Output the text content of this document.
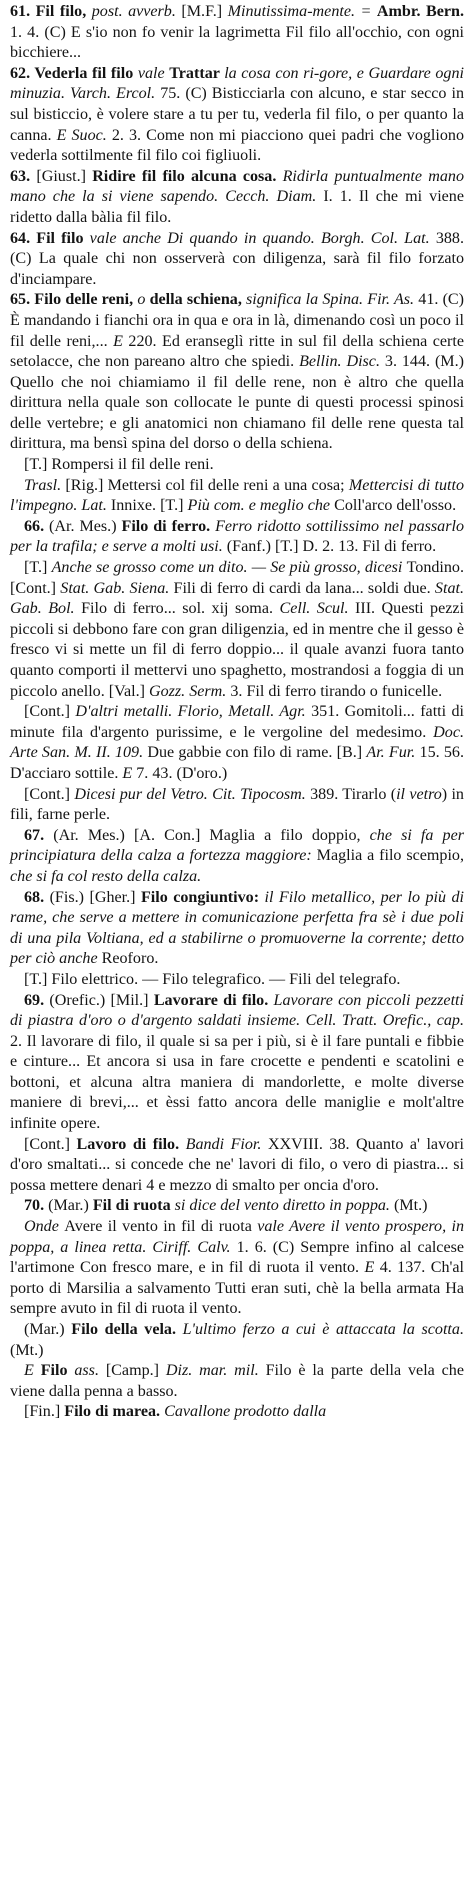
61. Fil filo, post. avverb. [M.F.] Minutissima-mente. = Ambr. Bern. 1. 4. (C) E s'io non fo venir la lagrimetta Fil filo all'occhio, con ogni bicchiere...

62. Vederla fil filo vale Trattar la cosa con ri-gore, e Guardare ogni minuzia. Varch. Ercol. 75. (C) Bisticciarla con alcuno, e star secco in sul bisticcio, è volere stare a tu per tu, vederla fil filo, o per quanto la canna. E Suoc. 2. 3. Come non mi piacciono quei padri che vogliono vederla sottilmente fil filo coi figliuoli.

63. [Giust.] Ridire fil filo alcuna cosa. Ridirla puntualmente mano mano che la si viene sapendo. Cecch. Diam. I. 1. Il che mi viene ridetto dalla bàlia fil filo.

64. Fil filo vale anche Di quando in quando. Borgh. Col. Lat. 388. (C) La quale chi non osserverà con diligenza, sarà fil filo forzato d'inciampare.

65. Filo delle reni, o della schiena, significa la Spina. Fir. As. 41. (C) È mandando i fianchi ora in qua e ora in là, dimenando così un poco il fil delle reni,... E 220. Ed eranseglì ritte in sul fil della schiena certe setolacce, che non pareano altro che spiedi. Bellin. Disc. 3. 144. (M.) Quello che noi chiamiamo il fil delle rene, non è altro che quella dirittura nella quale son collocate le punte di questi processi spinosi delle vertebre; e gli anatomici non chiamano fil delle rene questa tal dirittura, ma bensì spina del dorso o della schiena.

[T.] Rompersi il fil delle reni.

Trasl. [Rig.] Mettersi col fil delle reni a una cosa; Mettercisi di tutto l'impegno. Lat. Innixe. [T.] Più com. e meglio che Coll'arco dell'osso.

66. (Ar. Mes.) Filo di ferro. Ferro ridotto sottilissimo nel passarlo per la trafila; e serve a molti usi. (Fanf.) [T.] D. 2. 13. Fil di ferro.

[T.] Anche se grosso come un dito. — Se più grosso, dicesi Tondino. [Cont.] Stat. Gab. Siena. Fili di ferro di cardi da lana... soldi due. Stat. Gab. Bol. Filo di ferro... sol. xij soma. Cell. Scul. III. Questi pezzi piccoli si debbono fare con gran diligenzia, ed in mentre che il gesso è fresco vi si mette un fil di ferro doppio... il quale avanzi fuora tanto quanto comporti il mettervi uno spaghetto, mostrandosi a foggia di un piccolo anello. [Val.] Gozz. Serm. 3. Fil di ferro tirando o funicelle.

[Cont.] D'altri metalli. Florio, Metall. Agr. 351. Gomitoli... fatti di minute fila d'argento purissime, e le vergoline del medesimo. Doc. Arte San. M. II. 109. Due gabbie con filo di rame. [B.] Ar. Fur. 15. 56. D'acciaro sottile. E 7. 43. (D'oro.)

[Cont.] Dicesi pur del Vetro. Cit. Tipocosm. 389. Tirarlo (il vetro) in fili, farne perle.

67. (Ar. Mes.) [A. Con.] Maglia a filo doppio, che si fa per principiatura della calza a fortezza maggiore: Maglia a filo scempio, che si fa col resto della calza.

68. (Fis.) [Gher.] Filo congiuntivo: il Filo metallico, per lo più di rame, che serve a mettere in comunicazione perfetta fra sè i due poli di una pila Voltiana, ed a stabilirne o promuoverne la corrente; detto per ciò anche Reoforo.

[T.] Filo elettrico. — Filo telegrafico. — Fili del telegrafo.

69. (Orefic.) [Mil.] Lavorare di filo. Lavorare con piccoli pezzetti di piastra d'oro o d'argento saldati insieme. Cell. Tratt. Orefic., cap. 2. Il lavorare di filo, il quale si sa per i più, si è il fare puntali e fibbie e cinture... Et ancora si usa in fare crocette e pendenti e scatolini e bottoni, et alcuna altra maniera di mandorlette, e molte diverse maniere di brevi,... et èssi fatto ancora delle maniglie e molt'altre infinite opere.

[Cont.] Lavoro di filo. Bandi Fior. XXVIII. 38. Quanto a' lavori d'oro smaltati... si concede che ne' lavori di filo, o vero di piastra... si possa mettere denari 4 e mezzo di smalto per oncia d'oro.

70. (Mar.) Fil di ruota si dice del vento diretto in poppa. (Mt.)

Onde Avere il vento in fil di ruota vale Avere il vento prospero, in poppa, a linea retta. Ciriff. Calv. 1. 6. (C) Sempre infino al calcese l'artimone Con fresco mare, e in fil di ruota il vento. E 4. 137. Ch'al porto di Marsilia a salvamento Tutti eran suti, chè la bella armata Ha sempre avuto in fil di ruota il vento.

(Mar.) Filo della vela. L'ultimo ferzo a cui è attaccata la scotta. (Mt.)

E Filo ass. [Camp.] Diz. mar. mil. Filo è la parte della vela che viene dalla penna a basso.

[Fin.] Filo di marea. Cavallone prodotto dalla
